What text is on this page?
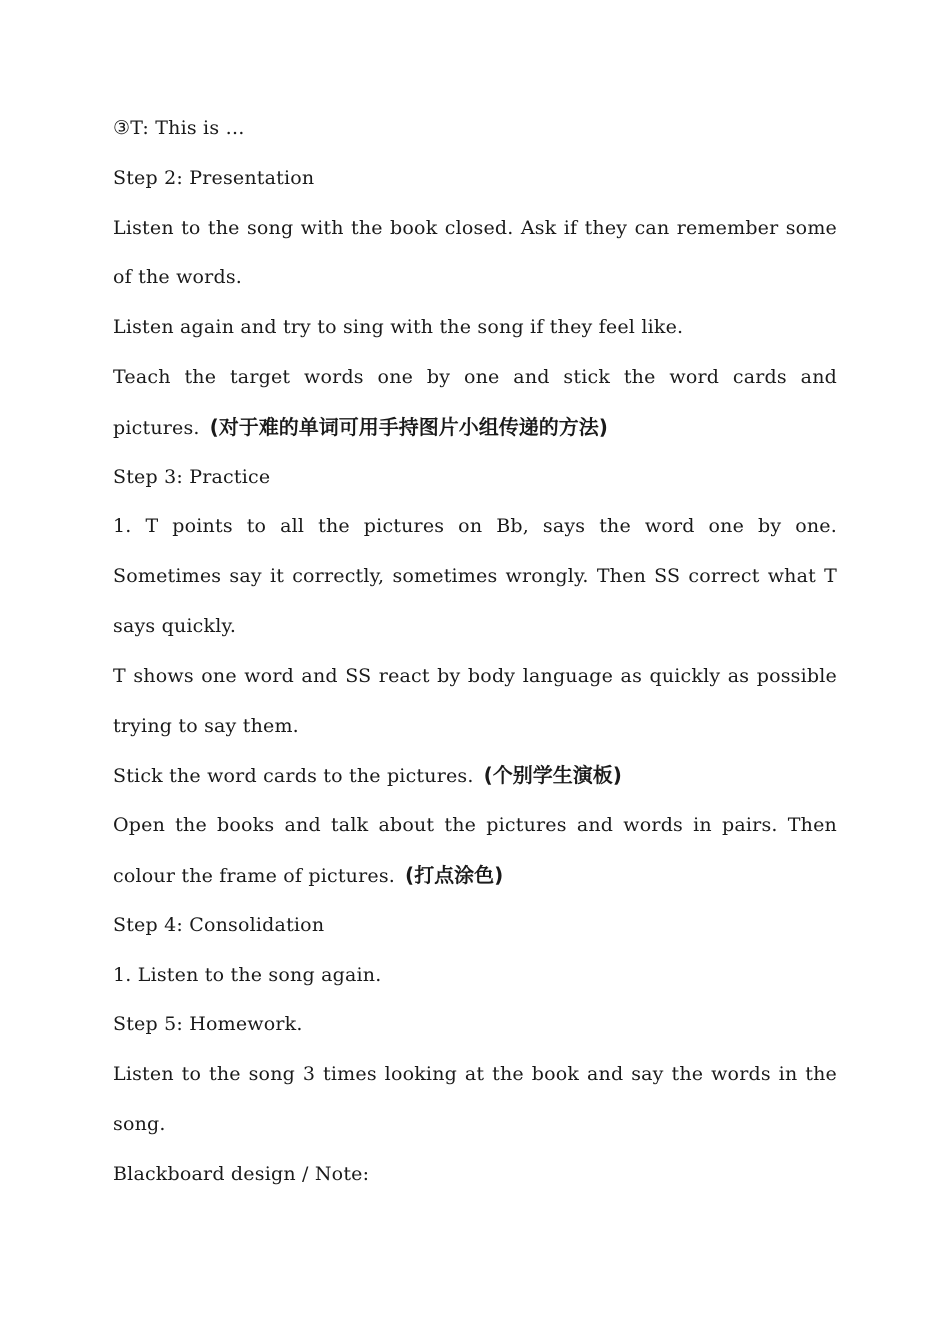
③T: This is …
Step 2: Presentation
Listen to the song with the book closed. Ask if they can remember some
of the words.
Listen again and try to sing with the song if they feel like.
Teach the target words one by one and stick the word cards and
pictures. (对于难的单词可用手持图片小组传递的方法)
Step 3: Practice
1. T points to all the pictures on Bb, says the word one by one.
Sometimes say it correctly, sometimes wrongly. Then SS correct what T
says quickly.
T shows one word and SS react by body language as quickly as possible
trying to say them.
Stick the word cards to the pictures. (个别学生演板)
Open the books and talk about the pictures and words in pairs. Then
colour the frame of pictures. (打点涂色)
Step 4: Consolidation
1. Listen to the song again.
Step 5: Homework.
Listen to the song 3 times looking at the book and say the words in the
song.
Blackboard design / Note:
